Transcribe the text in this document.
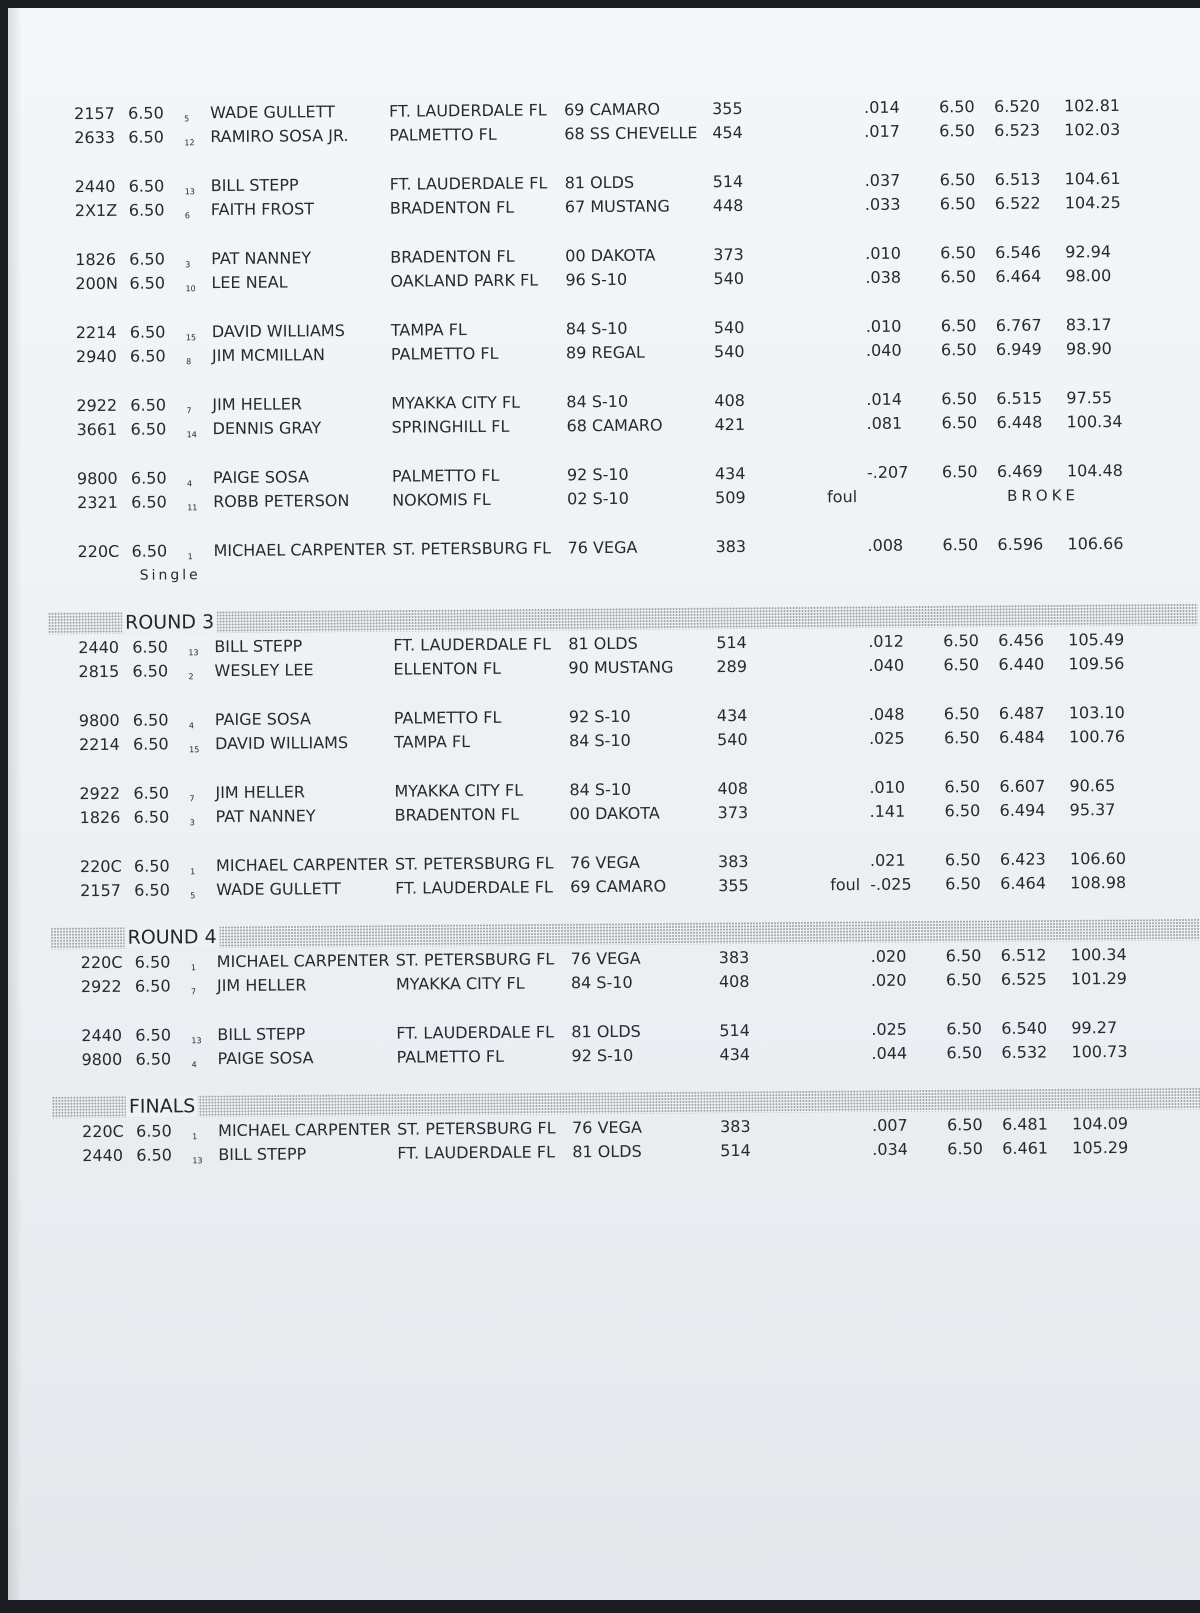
2157 6.50	5 WADE GULLETT	FT. LAUDERDALE FL 69 CAMARO	355	.014 6.50 6.520 102.81
2633 6.50	12 RAMIRO SOSA JR.	PALMETTO FL	68 SS CHEVELLE 454	.017 6.50 6.523 102.03
2440 6.50	13 BILL STEPP	FT. LAUDERDALE FL 81 OLDS	514	.037 6.50 6.513 104.61
2X1Z 6.50	6 FAITH FROST	BRADENTON FL	67 MUSTANG	448	.033 6.50 6.522 104.25
1826 6.50	3 PAT NANNEY	BRADENTON FL	00 DAKOTA	373	.010 6.50 6.546 92.94
200N 6.50	10 LEE NEAL	OAKLAND PARK FL 96 S-10	540	.038 6.50 6.464 98.00
2214 6.50	15 DAVID WILLIAMS	TAMPA FL	84 S-10	540	.010 6.50 6.767 83.17
2940 6.50	8 JIM MCMILLAN	PALMETTO FL	89 REGAL	540	.040 6.50 6.949 98.90
2922 6.50	7 JIM HELLER	MYAKKA CITY FL	84 S-10	408	.014 6.50 6.515 97.55
3661 6.50	14 DENNIS GRAY	SPRINGHILL FL	68 CAMARO	421	.081 6.50 6.448 100.34
9800 6.50	4 PAIGE SOSA	PALMETTO FL	92 S-10	434	-.207 6.50 6.469 104.48
2321 6.50	11 ROBB PETERSON	NOKOMIS FL	02 S-10	509	foul	BROKE
220C 6.50	1 MICHAEL CARPENTER ST. PETERSBURG FL 76 VEGA	383	.008 6.50 6.596 106.66
Single
ROUND 3
2440 6.50	13 BILL STEPP	FT. LAUDERDALE FL 81 OLDS	514	.012 6.50 6.456 105.49
2815 6.50	2 WESLEY LEE	ELLENTON FL	90 MUSTANG	289	.040 6.50 6.440 109.56
9800 6.50	4 PAIGE SOSA	PALMETTO FL	92 S-10	434	.048 6.50 6.487 103.10
2214 6.50	15 DAVID WILLIAMS	TAMPA FL	84 S-10	540	.025 6.50 6.484 100.76
2922 6.50	7 JIM HELLER	MYAKKA CITY FL	84 S-10	408	.010 6.50 6.607 90.65
1826 6.50	3 PAT NANNEY	BRADENTON FL	00 DAKOTA	373	.141 6.50 6.494 95.37
220C 6.50	1 MICHAEL CARPENTER ST. PETERSBURG FL 76 VEGA	383	.021 6.50 6.423 106.60
2157 6.50	5 WADE GULLETT	FT. LAUDERDALE FL 69 CAMARO	355	foul -.025 6.50 6.464 108.98
ROUND 4
220C 6.50	1 MICHAEL CARPENTER ST. PETERSBURG FL 76 VEGA	383	.020 6.50 6.512 100.34
2922 6.50	7 JIM HELLER	MYAKKA CITY FL	84 S-10	408	.020 6.50 6.525 101.29
2440 6.50	13 BILL STEPP	FT. LAUDERDALE FL 81 OLDS	514	.025 6.50 6.540 99.27
9800 6.50	4 PAIGE SOSA	PALMETTO FL	92 S-10	434	.044 6.50 6.532 100.73
FINALS
220C 6.50	1 MICHAEL CARPENTER ST. PETERSBURG FL 76 VEGA	383	.007 6.50 6.481 104.09
2440 6.50	13 BILL STEPP	FT. LAUDERDALE FL 81 OLDS	514	.034 6.50 6.461 105.29
